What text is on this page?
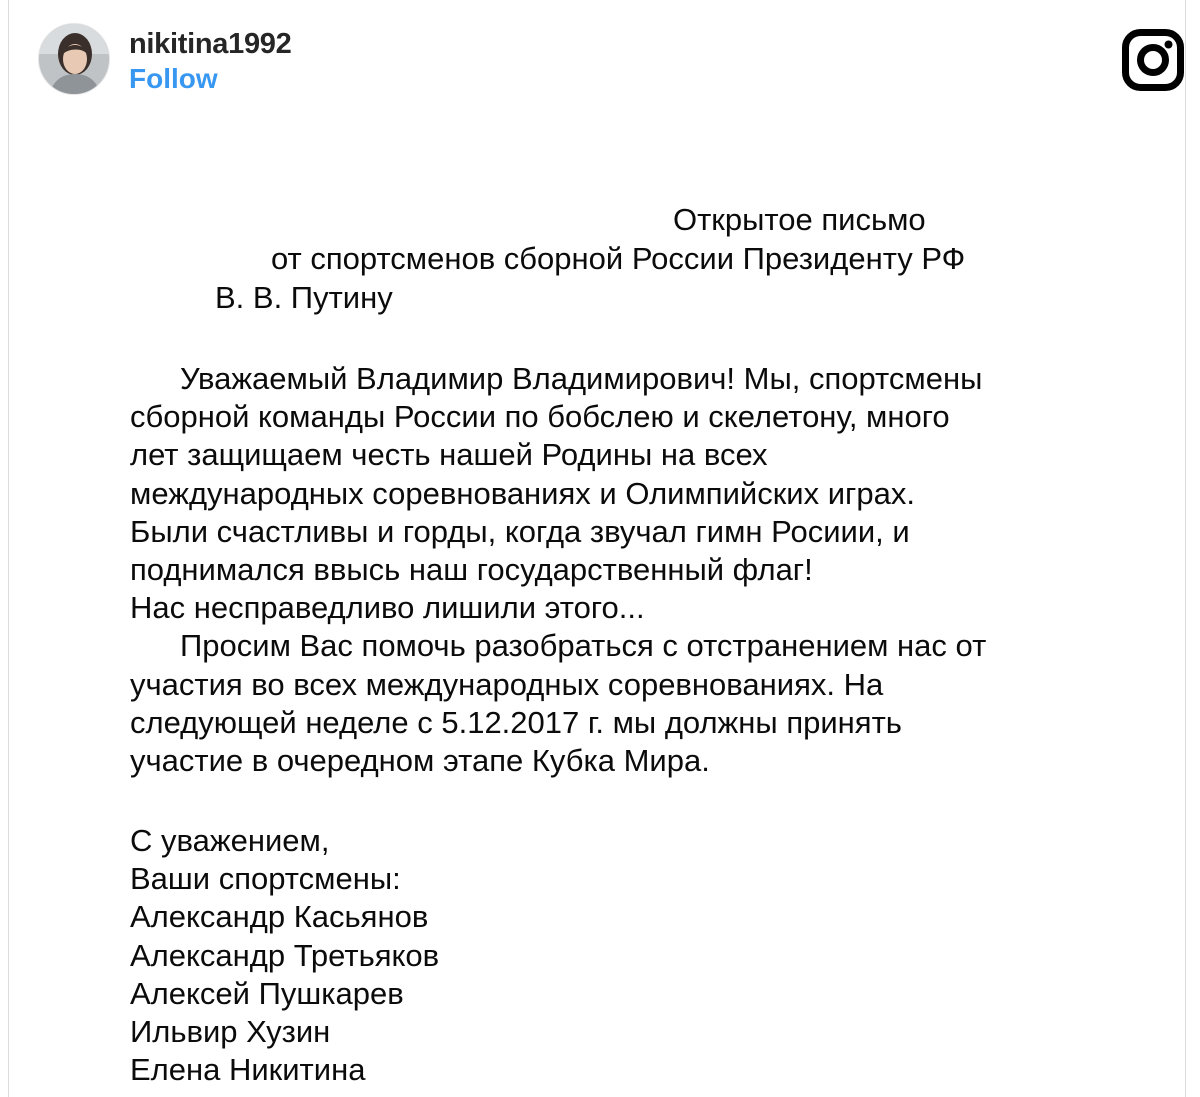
nikitina1992
Follow
Открытое письмо
от спортсменов сборной России Президенту РФ
В. В. Путину
Уважаемый Владимир Владимирович! Мы, спортсмены
сборной команды России по бобслею и скелетону, много
лет защищаем честь нашей Родины на всех
международных соревнованиях и Олимпийских играх.
Были счастливы и горды, когда звучал гимн Росиии, и
поднимался ввысь наш государственный флаг!
Нас несправедливо лишили этого...
Просим Вас помочь разобраться с отстранением нас от
участия во всех международных соревнованиях. На
следующей неделе с 5.12.2017 г. мы должны принять
участие в очередном этапе Кубка Мира.
С уважением,
Ваши спортсмены:
Александр Касьянов
Александр Третьяков
Алексей Пушкарев
Ильвир Хузин
Елена Никитина
